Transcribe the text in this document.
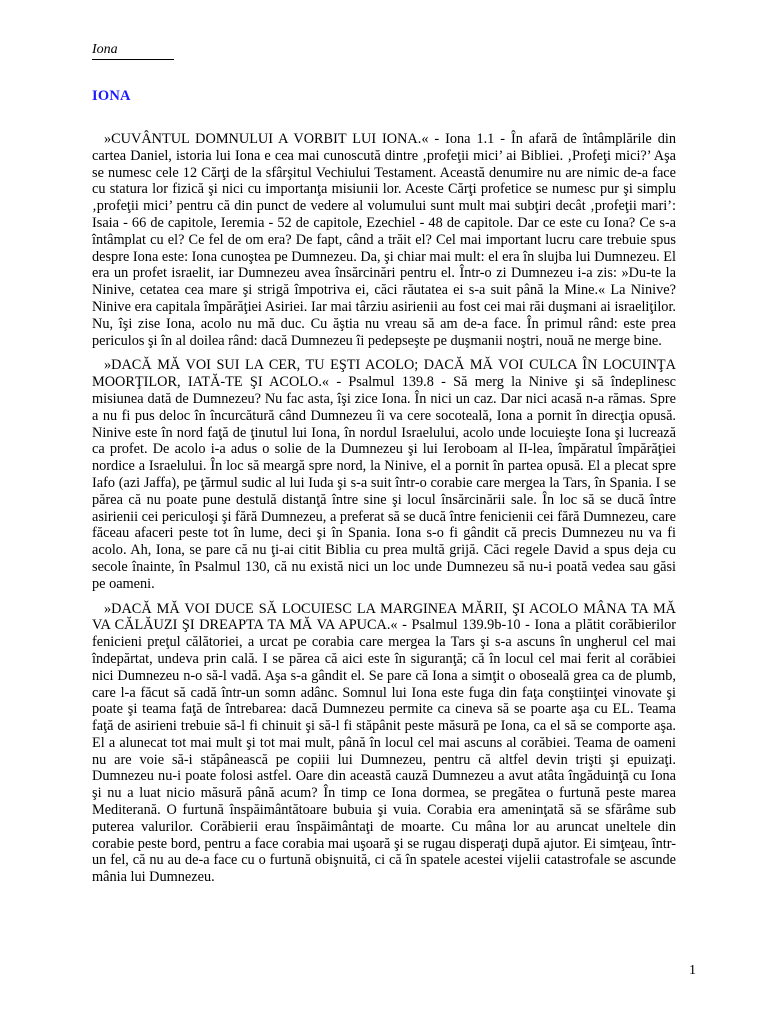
Iona
IONA

»CUVÂNTUL DOMNULUI A VORBIT LUI IONA.« - Iona 1.1 - În afară de întâmplările din cartea Daniel, istoria lui Iona e cea mai cunoscută dintre ‚profeţii mici’ ai Bibliei. ‚Profeţi mici?’ Aşa se numesc cele 12 Cărţi de la sfârşitul Vechiului Testament. Această denumire nu are nimic de-a face cu statura lor fizică şi nici cu importanţa misiunii lor. Aceste Cărţi profetice se numesc pur şi simplu ‚profeţii mici’ pentru că din punct de vedere al volumului sunt mult mai subţiri decât ‚profeţii mari’: Isaia - 66 de capitole, Ieremia - 52 de capitole, Ezechiel - 48 de capitole. Dar ce este cu Iona? Ce s-a întâmplat cu el? Ce fel de om era? De fapt, când a trăit el? Cel mai important lucru care trebuie spus despre Iona este: Iona cunoştea pe Dumnezeu. Da, şi chiar mai mult: el era în slujba lui Dumnezeu. El era un profet israelit, iar Dumnezeu avea însărcinări pentru el. Într-o zi Dumnezeu i-a zis: »Du-te la Ninive, cetatea cea mare şi strigă împotriva ei, căci răutatea ei s-a suit până la Mine.« La Ninive? Ninive era capitala împărăţiei Asiriei. Iar mai târziu asirienii au fost cei mai răi duşmani ai israeliţilor. Nu, îşi zise Iona, acolo nu mă duc. Cu ăştia nu vreau să am de-a face. În primul rând: este prea periculos şi în al doilea rând: dacă Dumnezeu îi pedepseşte pe duşmanii noştri, nouă ne merge bine.

»DACĂ MĂ VOI SUI LA CER, TU EŞTI ACOLO; DACĂ MĂ VOI CULCA ÎN LOCUINŢA MOORŢILOR, IATĂ-TE ŞI ACOLO.« - Psalmul 139.8 - Să merg la Ninive şi să îndeplinesc misiunea dată de Dumnezeu? Nu fac asta, îşi zice Iona. În nici un caz. Dar nici acasă n-a rămas. Spre a nu fi pus deloc în încurcătură când Dumnezeu îi va cere socoteală, Iona a pornit în direcţia opusă. Ninive este în nord faţă de ţinutul lui Iona, în nordul Israelului, acolo unde locuieşte Iona şi lucrează ca profet. De acolo i-a adus o solie de la Dumnezeu şi lui Ieroboam al II-lea, împăratul împărăţiei nordice a Israelului. În loc să meargă spre nord, la Ninive, el a pornit în partea opusă. El a plecat spre Iafo (azi Jaffa), pe ţărmul sudic al lui Iuda şi s-a suit într-o corabie care mergea la Tars, în Spania. I se părea că nu poate pune destulă distanţă între sine şi locul însărcinării sale. În loc să se ducă între asirienii cei periculoşi şi fără Dumnezeu, a preferat să se ducă între fenicienii cei fără Dumnezeu, care făceau afaceri peste tot în lume, deci şi în Spania. Iona s-o fi gândit că precis Dumnezeu nu va fi acolo. Ah, Iona, se pare că nu ţi-ai citit Biblia cu prea multă grijă. Căci regele David a spus deja cu secole înainte, în Psalmul 130, că nu există nici un loc unde Dumnezeu să nu-i poată vedea sau găsi pe oameni.

»DACĂ MĂ VOI DUCE SĂ LOCUIESC LA MARGINEA MĂRII, ŞI ACOLO MÂNA TA MĂ VA CĂLĂUZI ŞI DREAPTA TA MĂ VA APUCA.« - Psalmul 139.9b-10 - Iona a plătit corăbierilor fenicieni preţul călătoriei, a urcat pe corabia care mergea la Tars şi s-a ascuns în ungherul cel mai îndepărtat, undeva prin cală. I se părea că aici este în siguranţă; că în locul cel mai ferit al corăbiei nici Dumnezeu n-o să-l vadă. Aşa s-a gândit el. Se pare că Iona a simţit o oboseală grea ca de plumb, care l-a făcut să cadă într-un somn adânc. Somnul lui Iona este fuga din faţa conştiinţei vinovate şi poate şi teama faţă de întrebarea: dacă Dumnezeu permite ca cineva să se poarte aşa cu EL. Teama faţă de asirieni trebuie să-l fi chinuit şi să-l fi stăpânit peste măsură pe Iona, ca el să se comporte aşa. El a alunecat tot mai mult şi tot mai mult, până în locul cel mai ascuns al corăbiei. Teama de oameni nu are voie să-i stăpânească pe copiii lui Dumnezeu, pentru că altfel devin trişti şi epuizaţi. Dumnezeu nu-i poate folosi astfel. Oare din această cauză Dumnezeu a avut atâta îngăduinţă cu Iona şi nu a luat nicio măsură până acum? În timp ce Iona dormea, se pregătea o furtună peste marea Mediterană. O furtună înspăimântătoare bubuia şi vuia. Corabia era ameninţată să se sfărâme sub puterea valurilor. Corăbierii erau înspăimântaţi de moarte. Cu mâna lor au aruncat uneltele din corabie peste bord, pentru a face corabia mai uşoară şi se rugau disperaţi după ajutor. Ei simţeau, într-un fel, că nu au de-a face cu o furtună obişnuită, ci că în spatele acestei vijelii catastrofale se ascunde mânia lui Dumnezeu.

1
